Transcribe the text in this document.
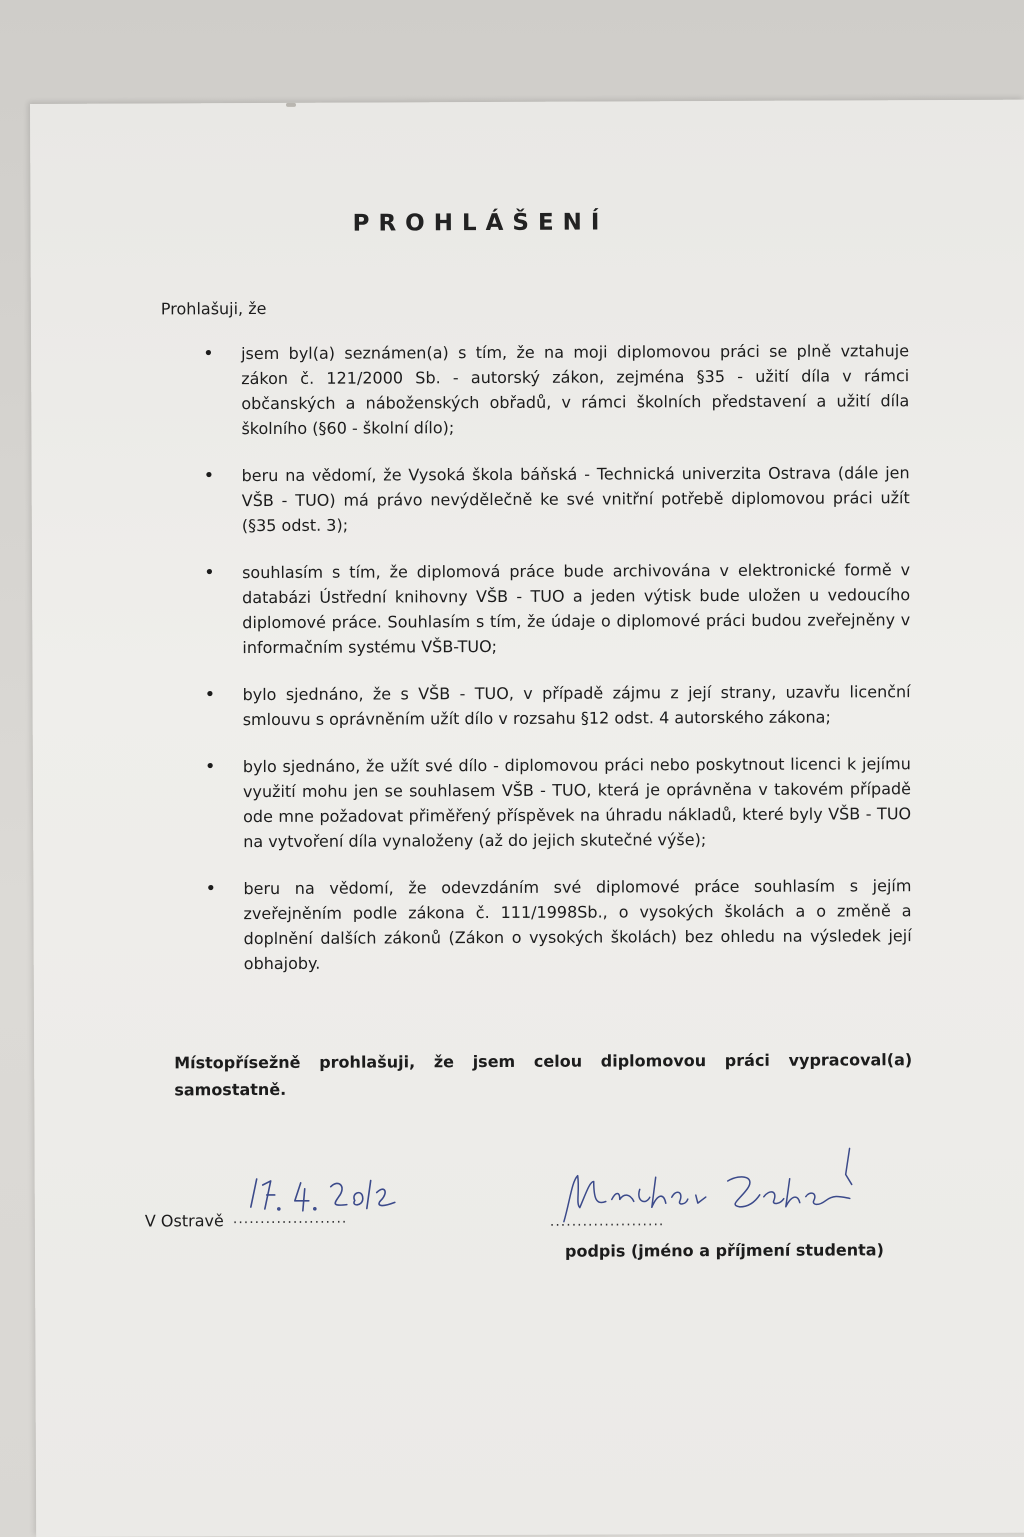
PROHLÁŠENÍ
Prohlašuji, že
• jsem byl(a) seznámen(a) s tím, že na moji diplomovou práci se plně vztahuje zákon č. 121/2000 Sb. - autorský zákon, zejména §35 - užití díla v rámci občanských a náboženských obřadů, v rámci školních představení a užití díla školního (§60 - školní dílo);
• beru na vědomí, že Vysoká škola báňská - Technická univerzita Ostrava (dále jen VŠB - TUO) má právo nevýdělečně ke své vnitřní potřebě diplomovou práci užít (§35 odst. 3);
• souhlasím s tím, že diplomová práce bude archivována v elektronické formě v databázi Ústřední knihovny VŠB - TUO a jeden výtisk bude uložen u vedoucího diplomové práce. Souhlasím s tím, že údaje o diplomové práci budou zveřejněny v informačním systému VŠB-TUO;
• bylo sjednáno, že s VŠB - TUO, v případě zájmu z její strany, uzavřu licenční smlouvu s oprávněním užít dílo v rozsahu §12 odst. 4 autorského zákona;
• bylo sjednáno, že užít své dílo - diplomovou práci nebo poskytnout licenci k jejímu využití mohu jen se souhlasem VŠB - TUO, která je oprávněna v takovém případě ode mne požadovat přiměřený příspěvek na úhradu nákladů, které byly VŠB - TUO na vytvoření díla vynaloženy (až do jejich skutečné výše);
• beru na vědomí, že odevzdáním své diplomové práce souhlasím s jejím zveřejněním podle zákona č. 111/1998Sb., o vysokých školách a o změně a doplnění dalších zákonů (Zákon o vysokých školách) bez ohledu na výsledek její obhajoby.
Místopřísežně prohlašuji, že jsem celou diplomovou práci vypracoval(a) samostatně.
V Ostravě .....................	.....................
podpis (jméno a příjmení studenta)
